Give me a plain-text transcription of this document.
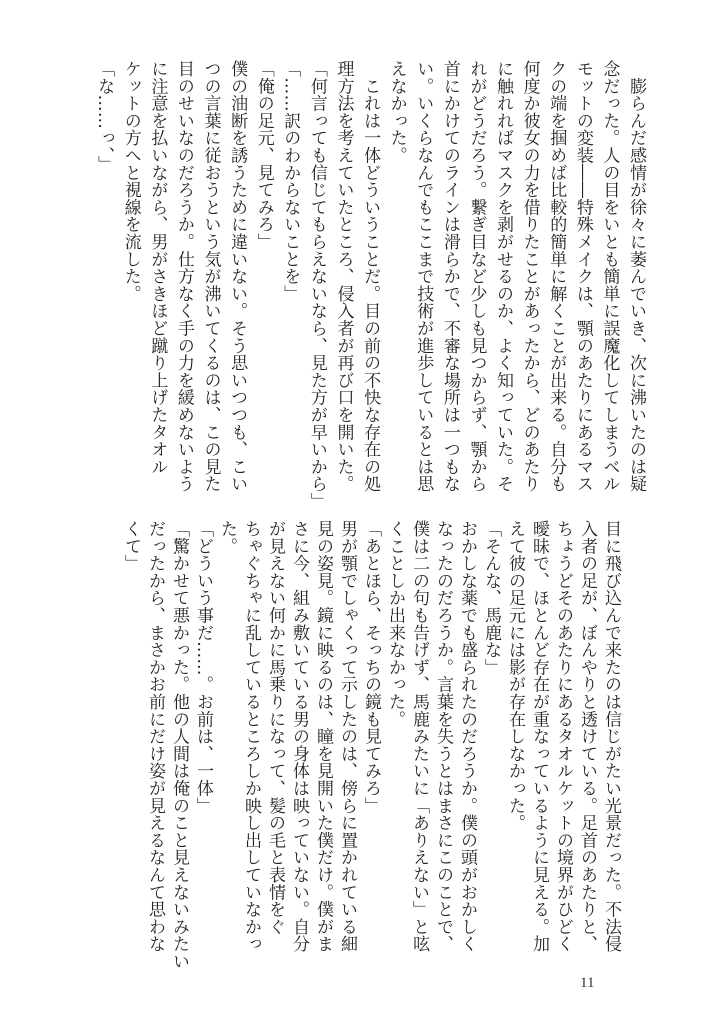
　膨らんだ感情が徐々に萎んでいき、次に沸いたのは疑
念だった。人の目をいとも簡単に誤魔化してしまうベル
モットの変装――特殊メイクは、顎のあたりにあるマス
クの端を掴めば比較的簡単に解くことが出来る。自分も
何度か彼女の力を借りたことがあったから、どのあたり
に触れればマスクを剥がせるのか、よく知っていた。そ
れがどうだろう。繋ぎ目など少しも見つからず、顎から
首にかけてのラインは滑らかで、不審な場所は一つもな
い。いくらなんでもここまで技術が進歩しているとは思
えなかった。
　これは一体どういうことだ。目の前の不快な存在の処
理方法を考えていたところ、侵入者が再び口を開いた。
「何言っても信じてもらえないなら、見た方が早いから」
「……訳のわからないことを」
「俺の足元、見てみろ」
僕の油断を誘うために違いない。そう思いつつも、こい
つの言葉に従おうという気が沸いてくるのは、この見た
目のせいなのだろうか。仕方なく手の力を緩めないよう
に注意を払いながら、男がさきほど蹴り上げたタオル
ケットの方へと視線を流した。
「な……っ、」
目に飛び込んで来たのは信じがたい光景だった。不法侵
入者の足が、ぼんやりと透けている。足首のあたりと、
ちょうどそのあたりにあるタオルケットの境界がひどく
曖昧で、ほとんど存在が重なっているように見える。加
えて彼の足元には影が存在しなかった。
「そんな、馬鹿な」
おかしな薬でも盛られたのだろうか。僕の頭がおかしく
なったのだろうか。言葉を失うとはまさにこのことで、
僕は二の句も告げず、馬鹿みたいに「ありえない」と呟
くことしか出来なかった。
「あとほら、そっちの鏡も見てみろ」
男が顎でしゃくって示したのは、傍らに置かれている細
見の姿見。鏡に映るのは、瞳を見開いた僕だけ。僕がま
さに今、組み敷いている男の身体は映っていない。自分
が見えない何かに馬乗りになって、髪の毛と表情をぐ
ちゃぐちゃに乱しているところしか映し出していなかっ
た。
「どういう事だ……。お前は、一体」
「驚かせて悪かった。他の人間は俺のこと見えないみたい
だったから、まさかお前にだけ姿が見えるなんて思わな
くて」
11
